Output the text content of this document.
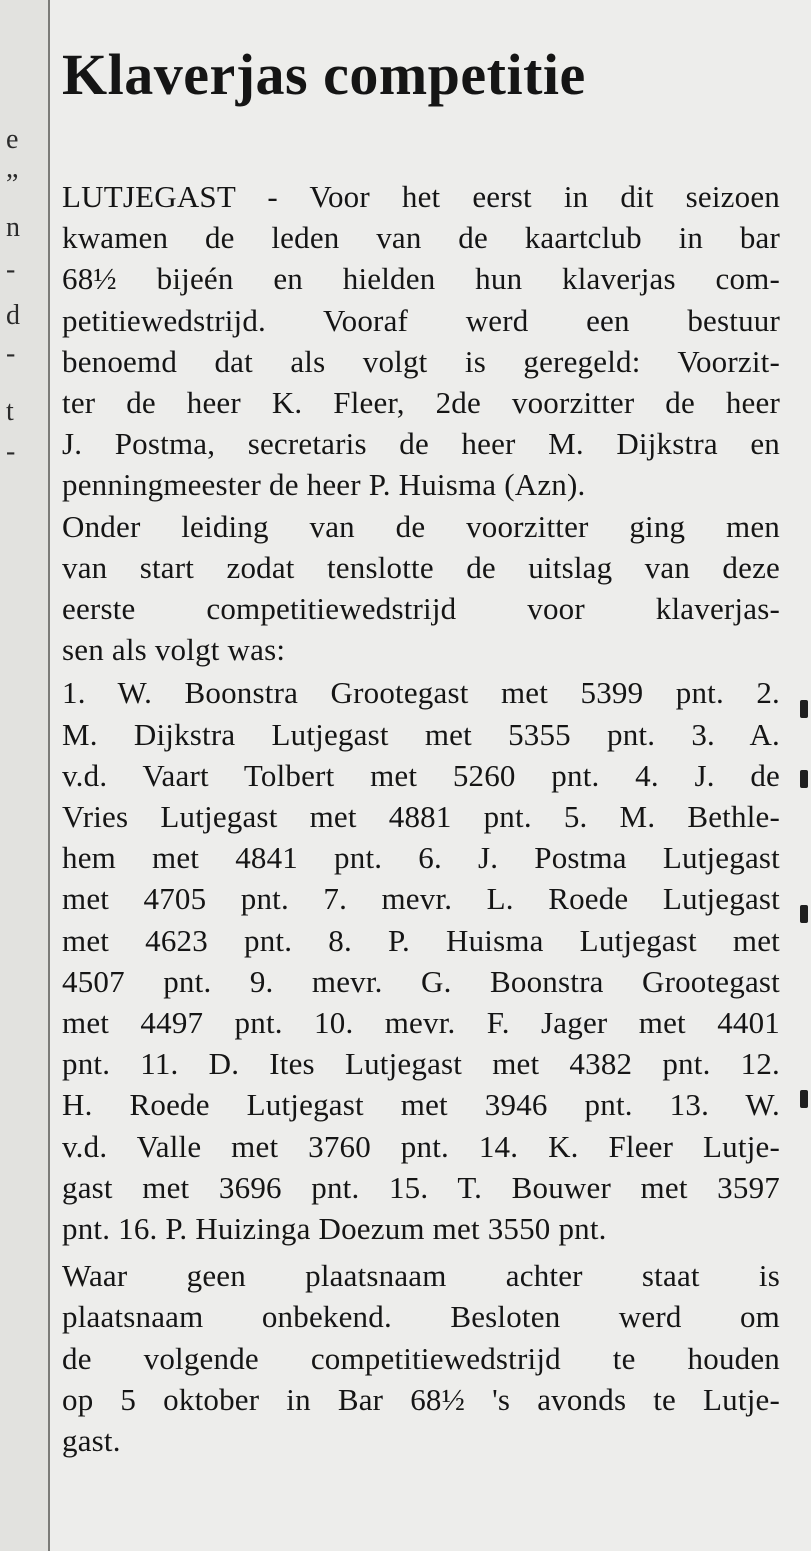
e
„
n
-
d
-
t
-
Klaverjas competitie
LUTJEGAST - Voor het eerst in dit seizoen
kwamen de leden van de kaartclub in bar
68½ bijeén en hielden hun klaverjas com-
petitiewedstrijd. Vooraf werd een bestuur
benoemd dat als volgt is geregeld: Voorzit-
ter de heer K. Fleer, 2de voorzitter de heer
J. Postma, secretaris de heer M. Dijkstra en
penningmeester de heer P. Huisma (Azn).
Onder leiding van de voorzitter ging men
van start zodat tenslotte de uitslag van deze
eerste competitiewedstrijd voor klaverjas-
sen als volgt was:
1. W. Boonstra Grootegast met 5399 pnt. 2.
M. Dijkstra Lutjegast met 5355 pnt. 3. A.
v.d. Vaart Tolbert met 5260 pnt. 4. J. de
Vries Lutjegast met 4881 pnt. 5. M. Bethle-
hem met 4841 pnt. 6. J. Postma Lutjegast
met 4705 pnt. 7. mevr. L. Roede Lutjegast
met 4623 pnt. 8. P. Huisma Lutjegast met
4507 pnt. 9. mevr. G. Boonstra Grootegast
met 4497 pnt. 10. mevr. F. Jager met 4401
pnt. 11. D. Ites Lutjegast met 4382 pnt. 12.
H. Roede Lutjegast met 3946 pnt. 13. W.
v.d. Valle met 3760 pnt. 14. K. Fleer Lutje-
gast met 3696 pnt. 15. T. Bouwer met 3597
pnt. 16. P. Huizinga Doezum met 3550 pnt.
Waar geen plaatsnaam achter staat is
plaatsnaam onbekend. Besloten werd om
de volgende competitiewedstrijd te houden
op 5 oktober in Bar 68½ 's avonds te Lutje-
gast.
